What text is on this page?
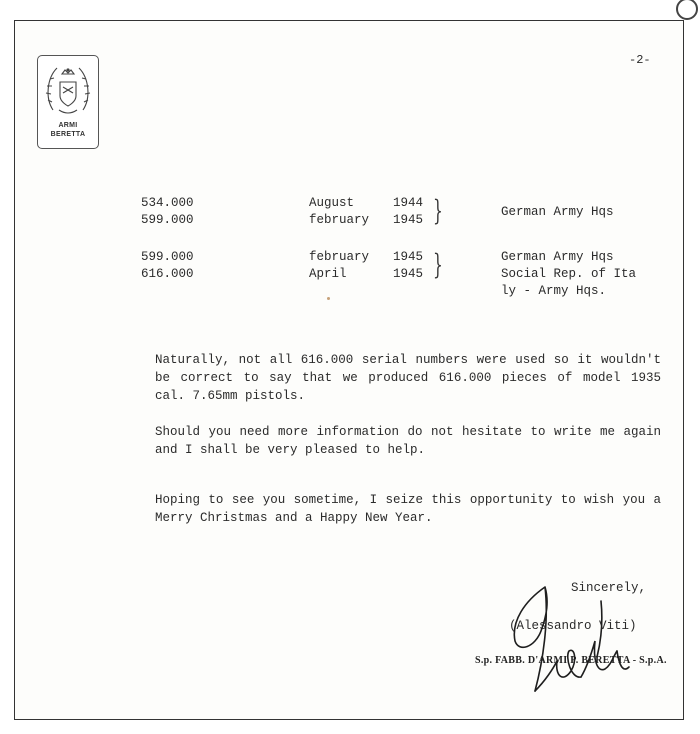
ARMI
BERETTA
-2-
534.000	August 1944
599.000	february 1945 }	German Army Hqs
599.000	february 1945
616.000	April 1945 }	German Army Hqs
Social Rep. of Ita
ly - Army Hqs.
Naturally, not all 616.000 serial numbers were used so it wouldn't be correct to say that we produced 616.000 pieces of model 1935 cal. 7.65mm pistols.
Should you need more information do not hesitate to write me again and I shall be very pleased to help.
Hoping to see you sometime, I seize this opportunity to wish you a Merry Christmas and a Happy New Year.
Sincerely,
(Alessandro Viti)
S.p. FABB. D'ARMI P. BERETTA - S.p.A.
